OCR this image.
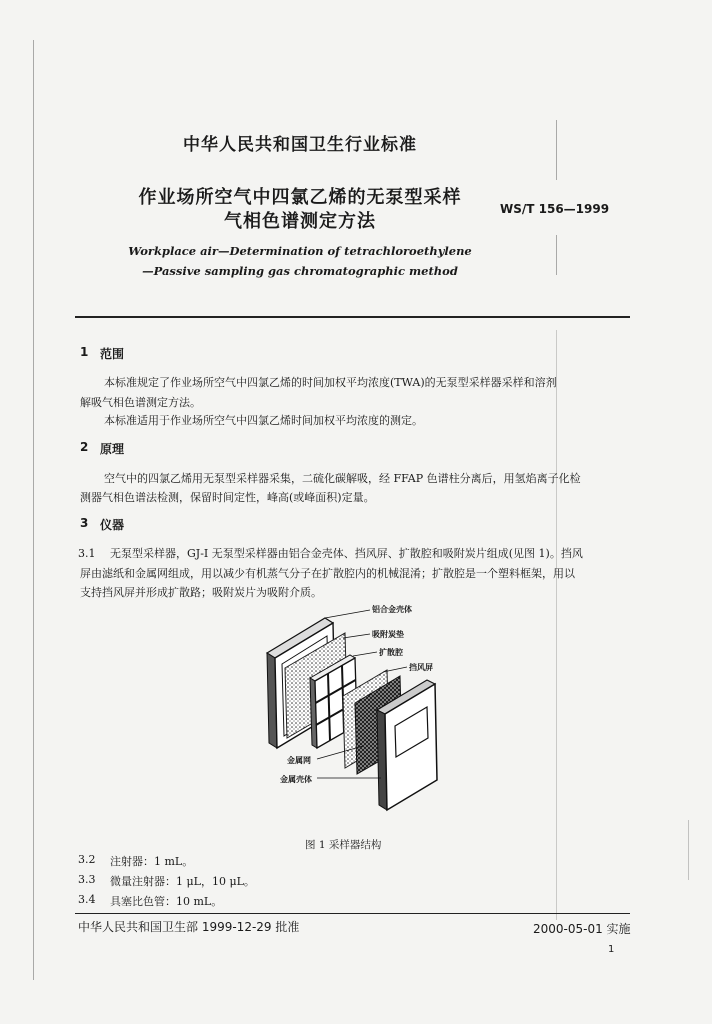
中华人民共和国卫生行业标准
作业场所空气中四氯乙烯的无泵型采样
气相色谱测定方法
WS/T 156—1999
Workplace air—Determination of tetrachloroethylene
—Passive sampling gas chromatographic method
1 范围
本标准规定了作业场所空气中四氯乙烯的时间加权平均浓度(TWA)的无泵型采样器采样和溶剂
解吸气相色谱测定方法。
本标准适用于作业场所空气中四氯乙烯时间加权平均浓度的测定。
2 原理
空气中的四氯乙烯用无泵型采样器采集，二硫化碳解吸，经 FFAP 色谱柱分离后，用氢焰离子化检
测器气相色谱法检测，保留时间定性，峰高(或峰面积)定量。
3 仪器
3.1 无泵型采样器，GJ-I 无泵型采样器由铝合金壳体、挡风屏、扩散腔和吸附炭片组成(见图 1)。挡风
屏由滤纸和金属网组成，用以减少有机蒸气分子在扩散腔内的机械混淆；扩散腔是一个塑料框架，用以
支持挡风屏并形成扩散路；吸附炭片为吸附介质。
铝合金壳体
吸附炭垫
扩散腔
挡风屏
金属网
金属壳体
图 1 采样器结构
3.2 注射器：1 mL。
3.3 微量注射器：1 μL，10 μL。
3.4 具塞比色管：10 mL。
中华人民共和国卫生部 1999-12-29 批准	2000-05-01 实施
1
